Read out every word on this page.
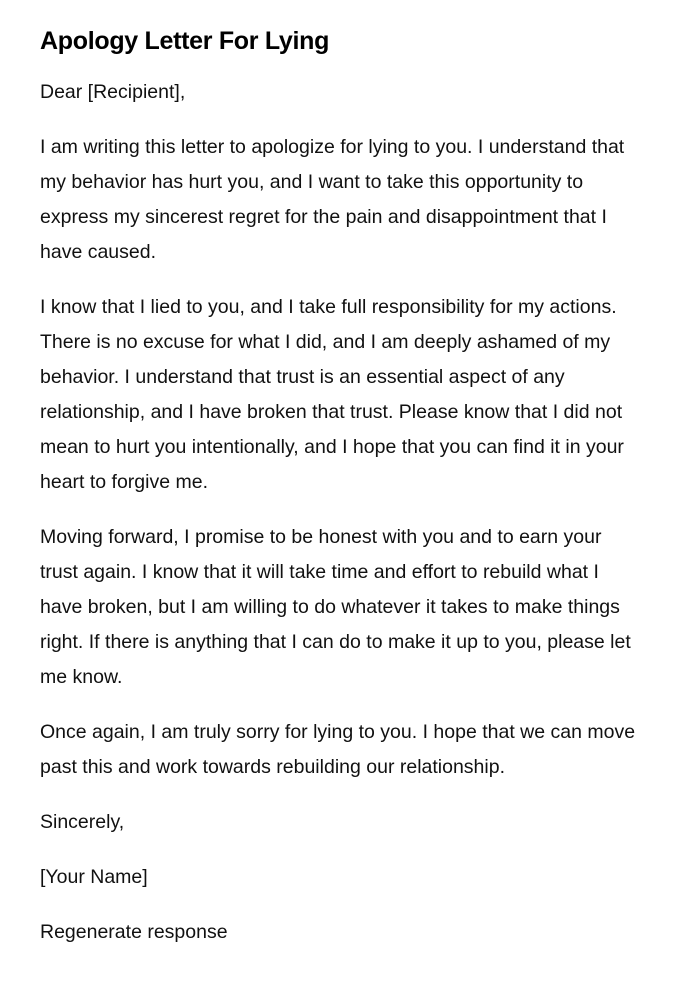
Apology Letter For Lying

Dear [Recipient],

I am writing this letter to apologize for lying to you. I understand that my behavior has hurt you, and I want to take this opportunity to express my sincerest regret for the pain and disappointment that I have caused.

I know that I lied to you, and I take full responsibility for my actions. There is no excuse for what I did, and I am deeply ashamed of my behavior. I understand that trust is an essential aspect of any relationship, and I have broken that trust. Please know that I did not mean to hurt you intentionally, and I hope that you can find it in your heart to forgive me.

Moving forward, I promise to be honest with you and to earn your trust again. I know that it will take time and effort to rebuild what I have broken, but I am willing to do whatever it takes to make things right. If there is anything that I can do to make it up to you, please let me know.

Once again, I am truly sorry for lying to you. I hope that we can move past this and work towards rebuilding our relationship.

Sincerely,

[Your Name]

Regenerate response
